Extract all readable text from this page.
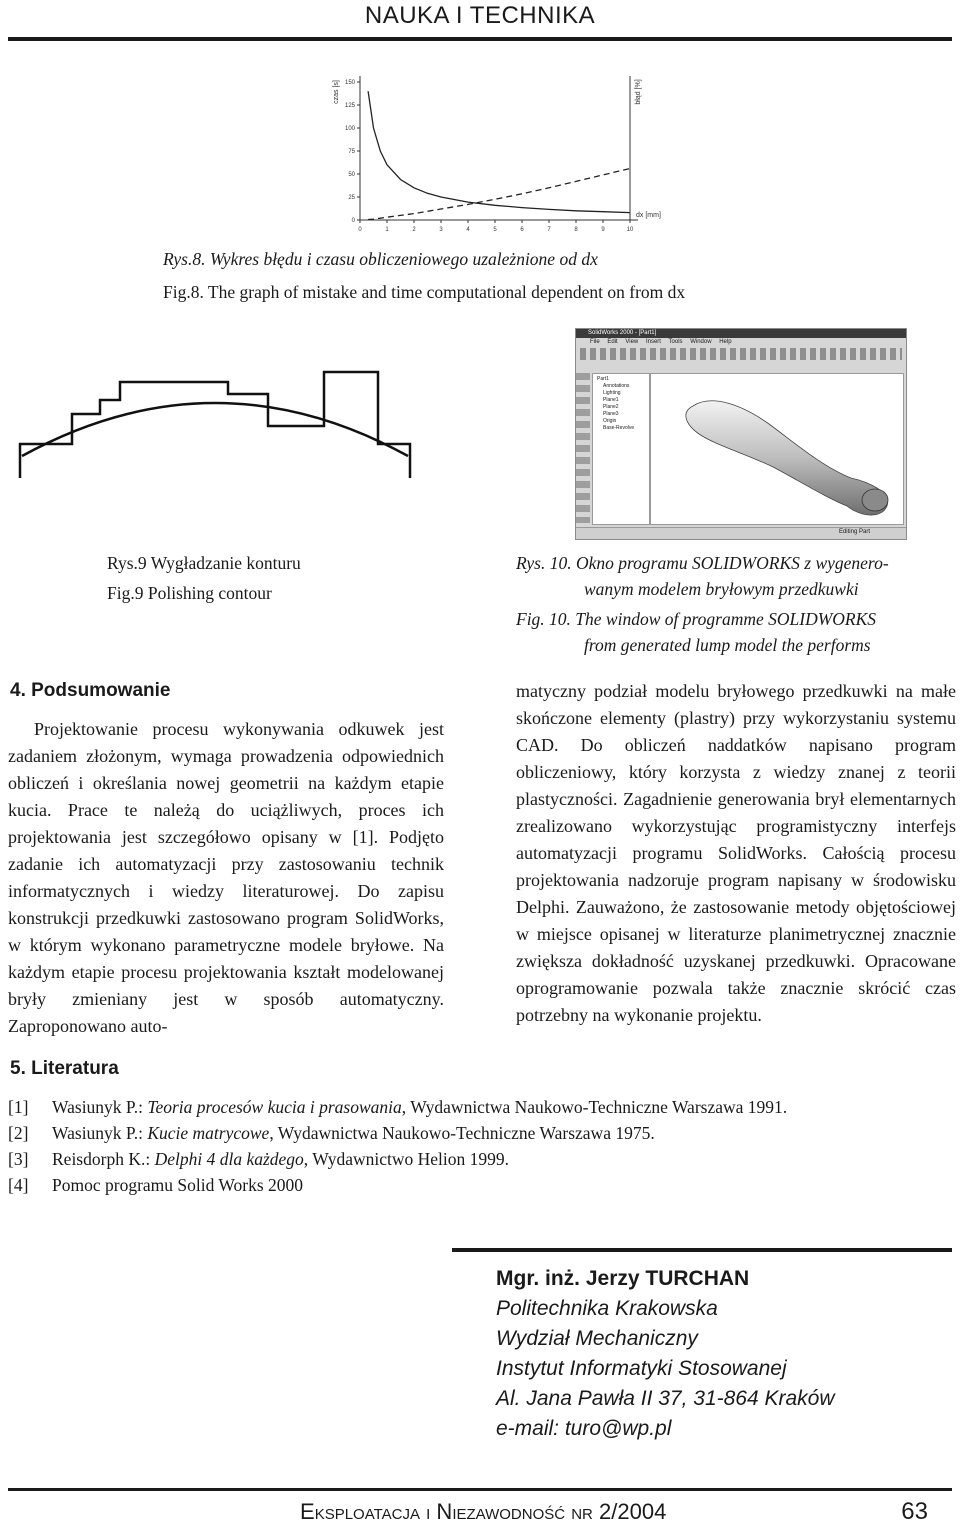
NAUKA I TECHNIKA
0
25
50
75
100
125
150
0	1	2	3	4	5	6	7	8	9	10
czas [s]	błąd [%]
dx [mm]
Rys.8. Wykres błędu i czasu obliczeniowego uzależnione od dx
Fig.8. The graph of mistake and time computational dependent on from dx
Rys.9 Wygładzanie konturu
Fig.9 Polishing contour
SolidWorks 2000 - [Part1]
File Edit View Insert Tools Window Help
Part1
Annotations
Lighting
Plane1
Plane2
Plane3
Origin
Base-Revolve
Editing Part
Rys. 10. Okno programu SOLIDWORKS z wygenero-
wanym modelem bryłowym przedkuwki
Fig. 10. The window of programme SOLIDWORKS
from generated lump model the performs
4. Podsumowanie

Projektowanie procesu wykonywania odkuwek jest zadaniem złożonym, wymaga prowadzenia odpowiednich obliczeń i określania nowej geometrii na każdym etapie kucia. Prace te należą do uciążliwych, proces ich projektowania jest szczegółowo opisany w [1]. Podjęto zadanie ich automatyzacji przy zastosowaniu technik informatycznych i wiedzy literaturowej. Do zapisu konstrukcji przedkuwki zastosowano program SolidWorks, w którym wykonano parametryczne modele bryłowe. Na każdym etapie procesu projektowania kształt modelowanej bryły zmieniany jest w sposób automatyczny. Zaproponowano auto-

matyczny podział modelu bryłowego przedkuwki na małe skończone elementy (plastry) przy wykorzystaniu systemu CAD. Do obliczeń naddatków napisano program obliczeniowy, który korzysta z wiedzy znanej z teorii plastyczności. Zagadnienie generowania brył elementarnych zrealizowano wykorzystując programistyczny interfejs automatyzacji programu SolidWorks. Całością procesu projektowania nadzoruje program napisany w środowisku Delphi. Zauważono, że zastosowanie metody objętościowej w miejsce opisanej w literaturze planimetrycznej znacznie zwiększa dokładność uzyskanej przedkuwki. Opracowane oprogramowanie pozwala także znacznie skrócić czas potrzebny na wykonanie projektu.

5. Literatura
[1] Wasiunyk P.: Teoria procesów kucia i prasowania, Wydawnictwa Naukowo-Techniczne Warszawa 1991.
[2] Wasiunyk P.: Kucie matrycowe, Wydawnictwa Naukowo-Techniczne Warszawa 1975.
[3] Reisdorph K.: Delphi 4 dla każdego, Wydawnictwo Helion 1999.
[4] Pomoc programu Solid Works 2000
Mgr. inż. Jerzy TURCHAN
Politechnika Krakowska
Wydział Mechaniczny
Instytut Informatyki Stosowanej
Al. Jana Pawła II 37, 31-864 Kraków
e-mail: turo@wp.pl
EKSPLOATACJA I NIEZAWODNOŚĆ NR 2/2004	63
